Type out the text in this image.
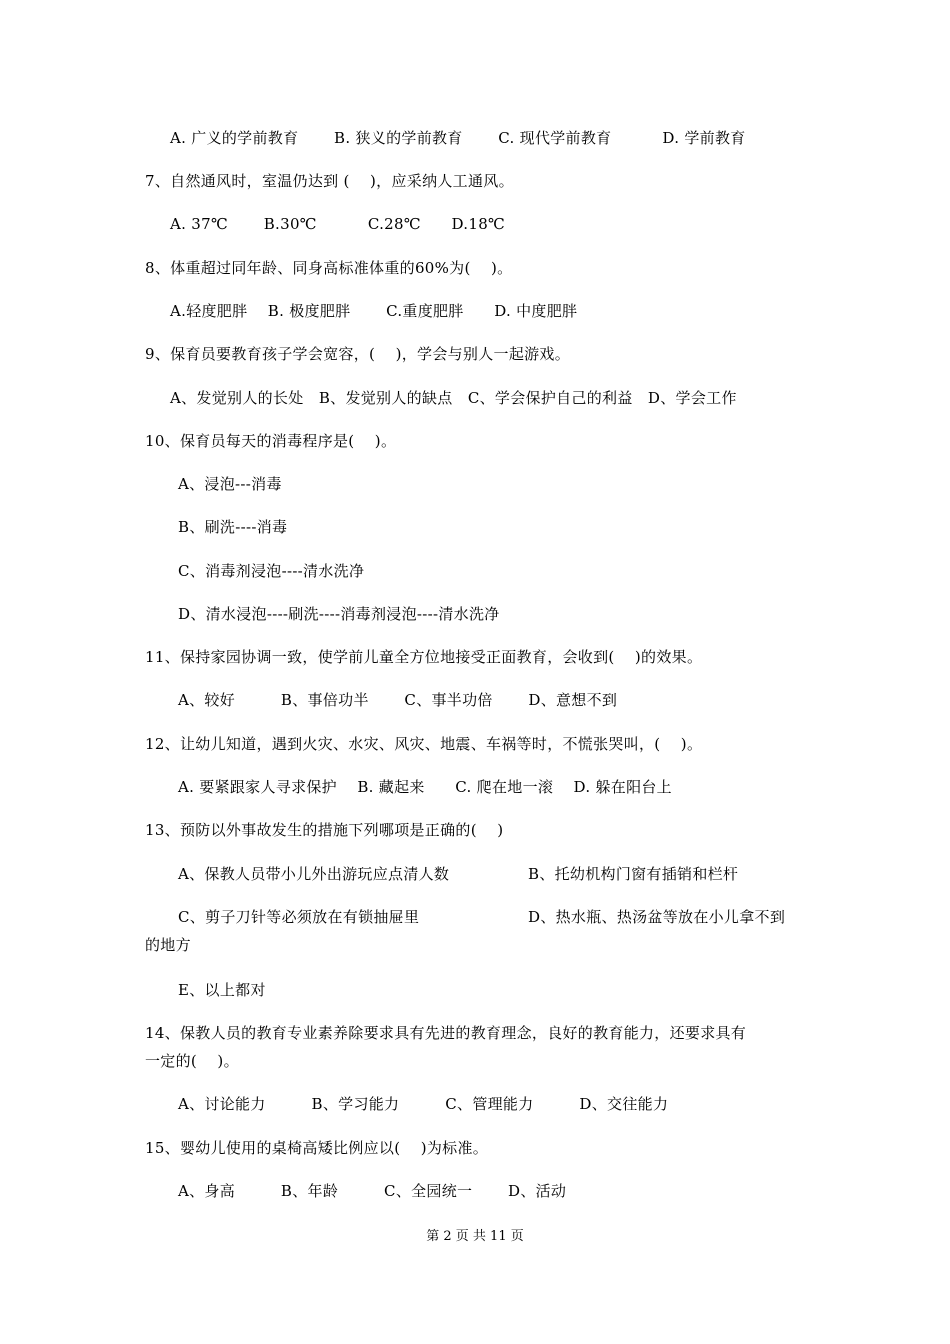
A. 广义的学前教育　　 B. 狭义的学前教育　　 C. 现代学前教育　　　 D. 学前教育
7、自然通风时，室温仍达到 (　 )，应采纳人工通风。
A. 37℃　　 B.30℃　　　 C.28℃　　D.18℃
8、体重超过同年龄、同身高标准体重的60%为(　 )。
A.轻度肥胖　 B. 极度肥胖　　 C.重度肥胖　　D. 中度肥胖
9、保育员要教育孩子学会宽容，(　 )，学会与别人一起游戏。
A、发觉别人的长处　B、发觉别人的缺点　C、学会保护自己的利益　D、学会工作
10、保育员每天的消毒程序是(　 )。
A、浸泡---消毒
B、刷洗----消毒
C、消毒剂浸泡----清水洗净
D、清水浸泡----刷洗----消毒剂浸泡----清水洗净
11、保持家园协调一致，使学前儿童全方位地接受正面教育，会收到(　 )的效果。
A、较好　　　B、事倍功半　　 C、事半功倍　　 D、意想不到
12、让幼儿知道，遇到火灾、水灾、风灾、地震、车祸等时，不慌张哭叫，(　 )。
A. 要紧跟家人寻求保护　 B. 藏起来　　C. 爬在地一滚　 D. 躲在阳台上
13、预防以外事故发生的措施下列哪项是正确的(　 )
A、保教人员带小儿外出游玩应点清人数	B、托幼机构门窗有插销和栏杆
C、剪子刀针等必须放在有锁抽屉里	D、热水瓶、热汤盆等放在小儿拿不到
的地方
E、以上都对
14、保教人员的教育专业素养除要求具有先进的教育理念，良好的教育能力，还要求具有
一定的(　 )。
A、讨论能力　　　B、学习能力　　　C、管理能力　　　D、交往能力
15、婴幼儿使用的桌椅高矮比例应以(　 )为标准。
A、身高　　　B、年龄　　　C、全园统一　　 D、活动
第 2 页 共 11 页
